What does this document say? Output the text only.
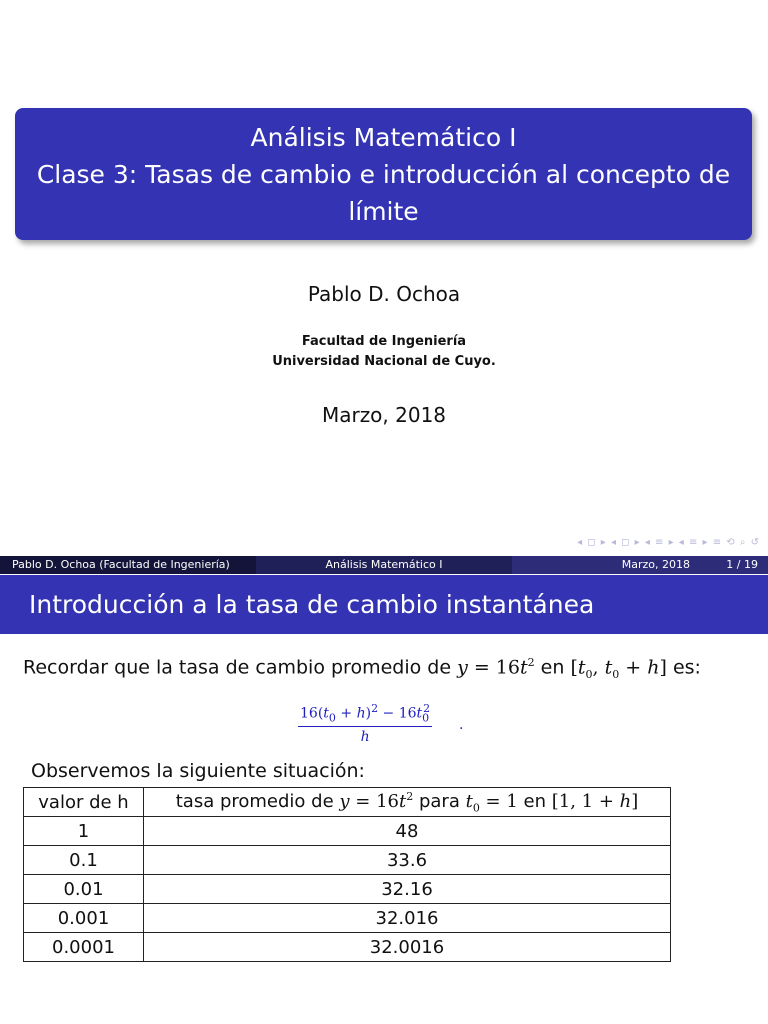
Análisis Matemático I
Clase 3: Tasas de cambio e introducción al concepto de
límite
Pablo D. Ochoa
Facultad de Ingeniería
Universidad Nacional de Cuyo.
Marzo, 2018
◂ ◻ ▸ ◂ ◻ ▸ ◂ ≡ ▸ ◂ ≡ ▸ ≡ ⟲ ⌕ ↺
Pablo D. Ochoa (Facultad de Ingeniería)	Análisis Matemático I	Marzo, 2018	1 / 19
Introducción a la tasa de cambio instantánea
Recordar que la tasa de cambio promedio de $y = 16t^2$ en [$t_0$, $t_0 + h$] es:
$\frac{16(t_0 + h)^2 - 16t_0^2}{h}$ .
Observemos la siguiente situación:
valor de h	tasa promedio de $y = 16t^2$ para $t_0 = 1$ en [1, 1 + h]
1	48
0.1	33.6
0.01	32.16
0.001	32.016
0.0001	32.0016
